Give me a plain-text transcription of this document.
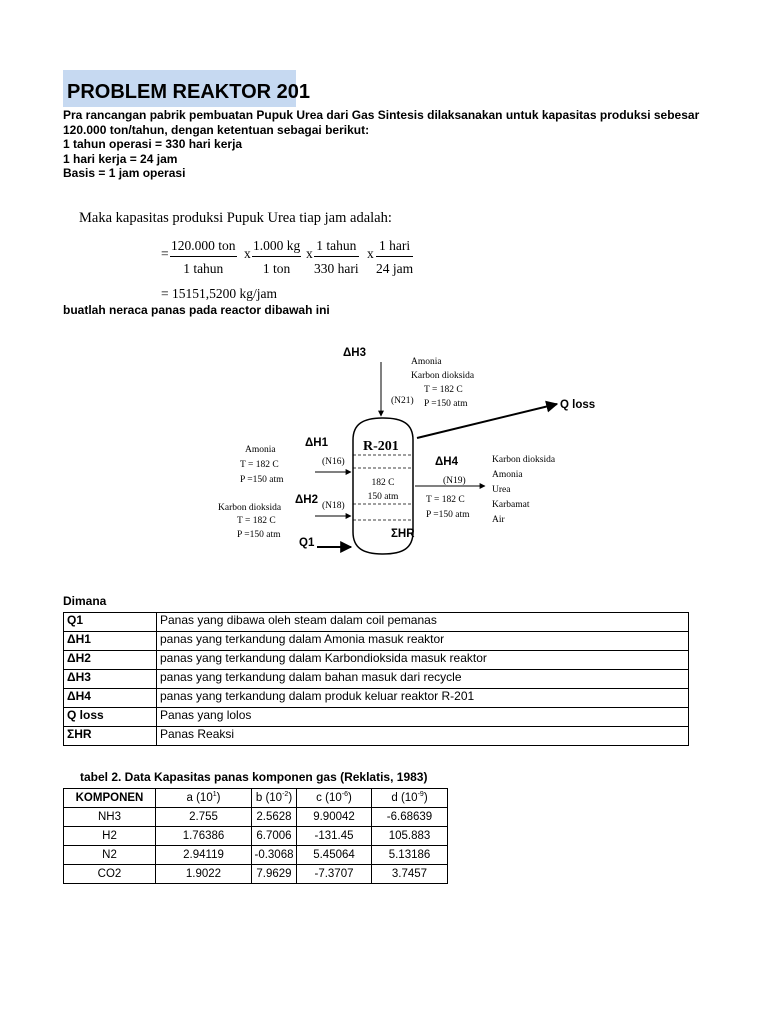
PROBLEM REAKTOR 201
Pra rancangan pabrik pembuatan Pupuk Urea dari Gas Sintesis dilaksanakan untuk kapasitas produksi sebesar
120.000 ton/tahun, dengan ketentuan sebagai berikut:
1 tahun operasi = 330 hari kerja
1 hari kerja = 24 jam
Basis = 1 jam operasi
Maka kapasitas produksi Pupuk Urea tiap jam adalah:
=
120.000 ton
1 tahun
x
1.000 kg
1 ton
x
1 tahun
330 hari
x
1 hari
24 jam
= 15151,5200 kg/jam
buatlah neraca panas pada reactor dibawah ini
R-201
182 C
150 atm
ΔH3
(N21)
Amonia
Karbon dioksida
T = 182 C
P =150 atm	Q loss
ΔH1
(N16)
Amonia
T = 182 C
P =150 atm
ΔH2 (N18)
Karbon dioksida
T = 182 C
P =150 atm
ΔH4
(N19)
T = 182 C
P =150 atm
Karbon dioksida
Amonia
Urea
Karbamat
Air
Q1
ΣHR
Dimana
Q1	Panas yang dibawa oleh steam dalam coil pemanas
ΔH1	panas yang terkandung dalam Amonia masuk reaktor
ΔH2	panas yang terkandung dalam Karbondioksida masuk reaktor
ΔH3	panas yang terkandung dalam bahan masuk dari recycle
ΔH4	panas yang terkandung dalam produk keluar reaktor R-201
Q loss	Panas yang lolos
ΣHR	Panas Reaksi
tabel 2. Data Kapasitas panas komponen gas (Reklatis, 1983)
KOMPONEN	a $(10^1)$	b $(10^{-2})$	c $(10^{-6})$	d $(10^{-9})$
NH3	2.755	2.5628	9.90042	-6.68639
H2	1.76386	6.7006	-131.45	105.883
N2	2.94119	-0.3068	5.45064	5.13186
CO2	1.9022	7.9629	-7.3707	3.7457
